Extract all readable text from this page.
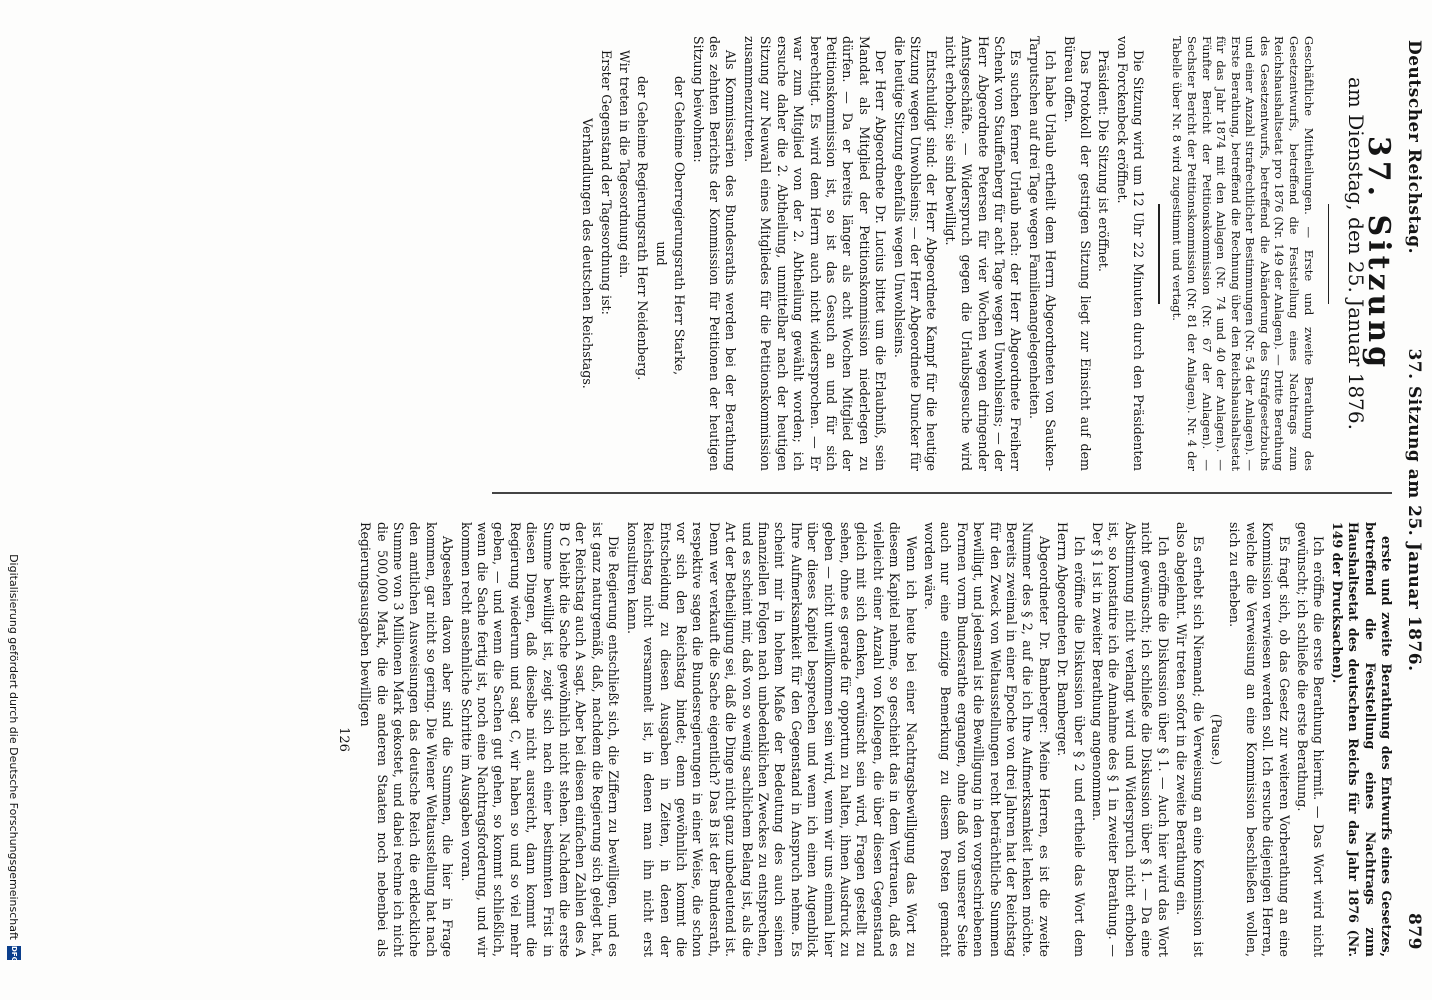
Deutscher Reichstag.
37. Sitzung am 25. Januar 1876.
879

37. Sitzung

am Dienstag, den 25. Januar 1876.

Geschäftliche Mittheilungen. — Erste und zweite Berathung des Gesetzentwurfs, betreffend die Feststellung eines Nachtrags zum Reichshaushaltsetat pro 1876 (Nr. 149 der Anlagen). — Dritte Berathung des Gesetzentwurfs, betreffend die Abänderung des Strafgesetzbuchs und einer Anzahl strafrechtlicher Bestimmungen (Nr. 54 der Anlagen). — Erste Berathung, betreffend die Rechnung über den Reichshaushaltsetat für das Jahr 1874 mit den Anlagen (Nr. 74 und 40 der Anlagen). — Fünfter Bericht der Petitionskommission (Nr. 67 der Anlagen). — Sechster Bericht der Petitionskommission (Nr. 81 der Anlagen). Nr. 4 der Tabelle über Nr. 8 wird zugestimmt und vertagt.

Die Sitzung wird um 12 Uhr 22 Minuten durch den Präsidenten von Forckenbeck eröffnet.

Präsident: Die Sitzung ist eröffnet.

Das Protokoll der gestrigen Sitzung liegt zur Einsicht auf dem Büreau offen.

Ich habe Urlaub ertheilt dem Herrn Abgeordneten von Sauken-Tarputschen auf drei Tage wegen Familienangelegenheiten.

Es suchen ferner Urlaub nach: der Herr Abgeordnete Freiherr Schenk von Stauffenberg für acht Tage wegen Unwohlseins; — der Herr Abgeordnete Petersen für vier Wochen wegen dringender Amtsgeschäfte. — Widerspruch gegen die Urlaubsgesuche wird nicht erhoben; sie sind bewilligt.

Entschuldigt sind: der Herr Abgeordnete Kampf für die heutige Sitzung wegen Unwohlseins; — der Herr Abgeordnete Duncker für die heutige Sitzung ebenfalls wegen Unwohlseins.

Der Herr Abgeordnete Dr. Lucius bittet um die Erlaubniß, sein Mandat als Mitglied der Petitionskommission niederlegen zu dürfen. — Da er bereits länger als acht Wochen Mitglied der Petitionskommission ist, so ist das Gesuch an und für sich berechtigt. Es wird dem Herrn auch nicht widersprochen. — Er war zum Mitglied von der 2. Abtheilung gewählt worden; ich ersuche daher die 2. Abtheilung, unmittelbar nach der heutigen Sitzung zur Neuwahl eines Mitgliedes für die Petitionskommission zusammenzutreten.

Als Kommissarien des Bundesraths werden bei der Berathung des zehnten Berichts der Kommission für Petitionen der heutigen Sitzung beiwohnen:

der Geheime Oberregierungsrath Herr Starke,

und

der Geheime Regierungsrath Herr Neidenberg.

Wir treten in die Tagesordnung ein.

Erster Gegenstand der Tagesordnung ist:

Verhandlungen des deutschen Reichstags.

erste und zweite Berathung des Entwurfs eines Gesetzes, betreffend die Feststellung eines Nachtrags zum Haushaltsetat des deutschen Reichs für das Jahr 1876 (Nr. 149 der Drucksachen).

Ich eröffne die erste Berathung hiermit. — Das Wort wird nicht gewünscht; ich schließe die erste Berathung.

Es fragt sich, ob das Gesetz zur weiteren Vorberathung an eine Kommission verwiesen werden soll. Ich ersuche diejenigen Herren, welche die Verweisung an eine Kommission beschließen wollen, sich zu erheben.

(Pause.)

Es erhebt sich Niemand; die Verweisung an eine Kommission ist also abgelehnt. Wir treten sofort in die zweite Berathung ein.

Ich eröffne die Diskussion über § 1. — Auch hier wird das Wort nicht gewünscht; ich schließe die Diskussion über § 1. — Da eine Abstimmung nicht verlangt wird und Widerspruch nicht erhoben ist, so konstatire ich die Annahme des § 1 in zweiter Berathung. — Der § 1 ist in zweiter Berathung angenommen.

Ich eröffne die Diskussion über § 2 und ertheile das Wort dem Herrn Abgeordneten Dr. Bamberger.

Abgeordneter Dr. Bamberger: Meine Herren, es ist die zweite Nummer des § 2, auf die ich Ihre Aufmerksamkeit lenken möchte. Bereits zweimal in einer Epoche von drei Jahren hat der Reichstag für den Zweck von Weltausstellungen recht beträchtliche Summen bewilligt, und jedesmal ist die Bewilligung in den vorgeschriebenen Formen vorm Bundesrathe ergangen, ohne daß von unserer Seite auch nur eine einzige Bemerkung zu diesem Posten gemacht worden wäre.

Wenn ich heute bei einer Nachtragsbewilligung das Wort zu diesem Kapitel nehme, so geschieht das in dem Vertrauen, daß es vielleicht einer Anzahl von Kollegen, die über diesen Gegenstand gleich mit sich denken, erwünscht sein wird, Fragen gestellt zu sehen, ohne es gerade für opportun zu halten, ihnen Ausdruck zu geben — nicht unwillkommen sein wird, wenn wir uns einmal hier über dieses Kapitel besprechen und wenn ich einen Augenblick Ihre Aufmerksamkeit für den Gegenstand in Anspruch nehme. Es scheint mir in hohem Maße der Bedeutung des auch seinen finanziellen Folgen nach unbedenklichen Zweckes zu entsprechen, und es scheint mir, daß von so wenig sachlichem Belang ist, als die Art der Betheiligung sei, daß die Dinge nicht ganz unbedeutend ist. Denn wer verkauft die Sache eigentlich? Das B ist der Bundesrath, respektive sagen die Bundesregierungen in einer Weise, die schon vor sich den Reichstag bindet; denn gewöhnlich kommt die Entscheidung zu diesen Ausgaben in Zeiten, in denen der Reichstag nicht versammelt ist, in denen man ihn nicht erst konsultiren kann.

Die Regierung entschließt sich, die Ziffern zu bewilligen, und es ist ganz naturgemäß, daß, nachdem die Regierung sich gelegt hat, der Reichstag auch A sagt. Aber bei diesen einfachen Zahlen des A B C bleibt die Sache gewöhnlich nicht stehen. Nachdem die erste Summe bewilligt ist, zeigt sich nach einer bestimmten Frist in diesen Dingen, daß dieselbe nicht ausreicht, dann kommt die Regierung wiederum und sagt C, wir haben so und so viel mehr geben, — und wenn die Sachen gut gehen, so kommt schließlich, wenn die Sache fertig ist, noch eine Nachtragsforderung, und wir kommen recht ansehnliche Schritte im Ausgaben voran.

Abgesehen davon aber sind die Summen, die hier in Frage kommen, gar nicht so gering. Die Wiener Weltausstellung hat nach den amtlichen Ausweisungen das deutsche Reich die erkleckliche Summe von 3 Millionen Mark gekostet, und dabei rechne ich nicht die 500,000 Mark, die die anderen Staaten noch nebenbei als Regierungsausgaben bewilligen

126

Digitalisierung gefördert durch die Deutsche Forschungsgemeinschaft
DFG
